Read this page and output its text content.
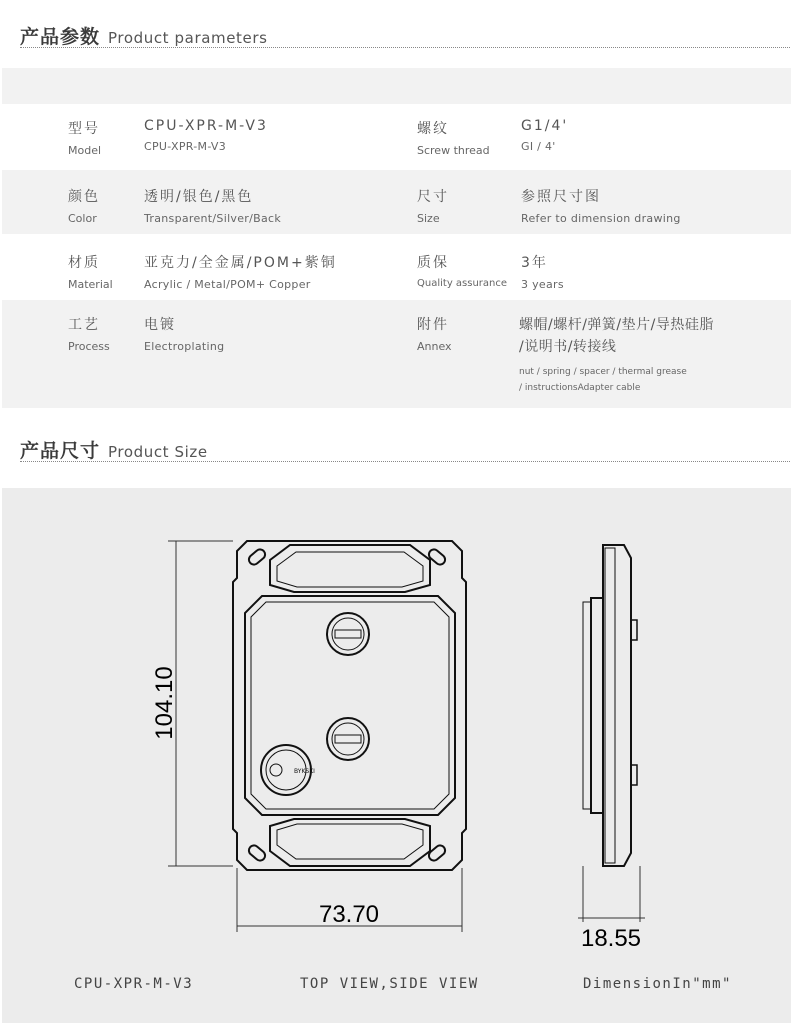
产品参数 Product parameters
型号
Model
CPU-XPR-M-V3
CPU-XPR-M-V3
螺纹
Screw thread
G1/4'
GI / 4'
颜色
Color
透明/银色/黑色
Transparent/Silver/Back
尺寸
Size
参照尺寸图
Refer to dimension drawing
材质
Material
亚克力/全金属/POM+紫铜
Acrylic / Metal/POM+ Copper
质保
Quality assurance
3年
3 years
工艺
Process
电镀
Electroplating
附件
Annex
螺帽/螺杆/弹簧/垫片/导热硅脂
/说明书/转接线
nut / spring / spacer / thermal grease
/ instructionsAdapter cable
产品尺寸 Product Size
BYKSKI
104.10
73.70
18.55
CPU-XPR-M-V3	TOP VIEW,SIDE VIEW	DimensionIn"mm"
